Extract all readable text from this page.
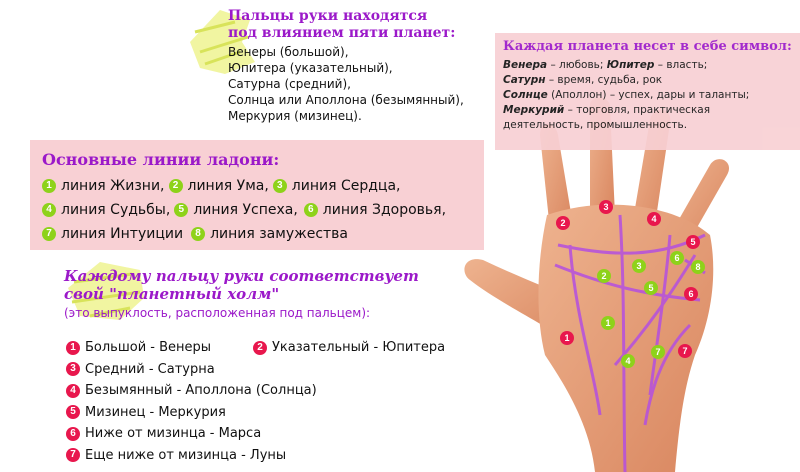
Пальцы руки находятся
под влиянием пяти планет:
Венеры (большой),
Юпитера (указательный),
Сатурна (средний),
Солнца или Аполлона (безымянный),
Меркурия (мизинец).
1
2
3
4
5
6
7
1
2
3
4
5
6
7
8
Каждая планета несет в себе символ:
Венера – любовь; Юпитер – власть;
Сатурн – время, судьба, рок
Солнце (Аполлон) – успех, дары и таланты;
Меркурий – торговля, практическая
деятельность, промышленность.
Основные линии ладони:
1 линия Жизни, 2 линия Ума, 3 линия Сердца,
4 линия Судьбы, 5 линия Успеха,	6 линия Здоровья,
7 линия Интуиции	8 линия замужества
Каждому пальцу руки соответствует
свой "планетный холм"
(это выпуклость, расположенная под пальцем):
1 Большой - Венеры	2 Указательный - Юпитера
3 Средний - Сатурна
4 Безымянный - Аполлона (Солнца)
5 Мизинец - Меркурия
6 Ниже от мизинца - Марса
7 Еще ниже от мизинца - Луны
